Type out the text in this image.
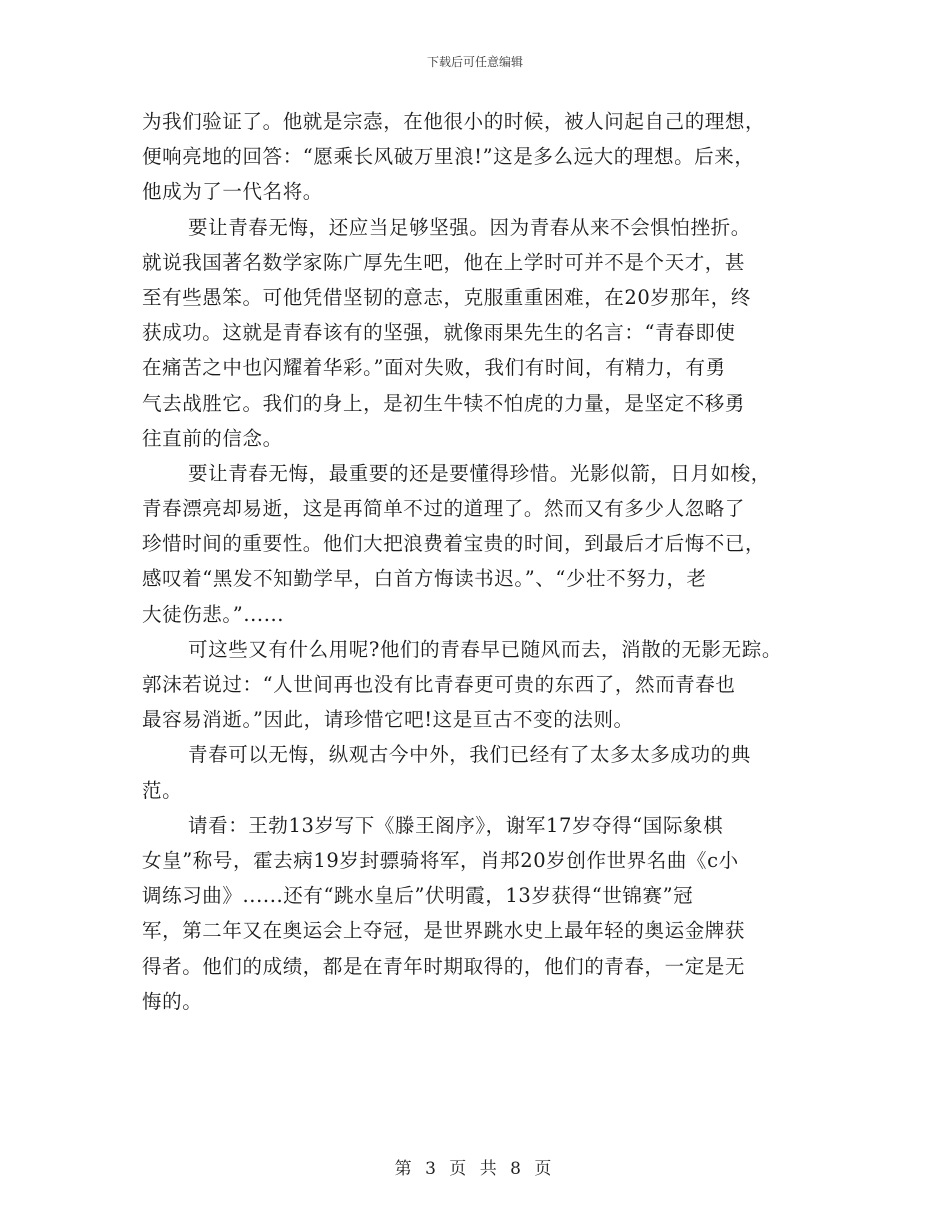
下载后可任意编辑
为我们验证了。他就是宗悫，在他很小的时候，被人问起自己的理想，
便响亮地的回答：“愿乘长风破万里浪!”这是多么远大的理想。后来，
他成为了一代名将。
要让青春无悔，还应当足够坚强。因为青春从来不会惧怕挫折。
就说我国著名数学家陈广厚先生吧，他在上学时可并不是个天才，甚
至有些愚笨。可他凭借坚韧的意志，克服重重困难，在20岁那年，终
获成功。这就是青春该有的坚强，就像雨果先生的名言：“青春即使
在痛苦之中也闪耀着华彩。”面对失败，我们有时间，有精力，有勇
气去战胜它。我们的身上，是初生牛犊不怕虎的力量，是坚定不移勇
往直前的信念。
要让青春无悔，最重要的还是要懂得珍惜。光影似箭，日月如梭，
青春漂亮却易逝，这是再简单不过的道理了。然而又有多少人忽略了
珍惜时间的重要性。他们大把浪费着宝贵的时间，到最后才后悔不已，
感叹着“黑发不知勤学早，白首方悔读书迟。”、“少壮不努力，老
大徒伤悲。”......
可这些又有什么用呢?他们的青春早已随风而去，消散的无影无踪。
郭沫若说过：“人世间再也没有比青春更可贵的东西了，然而青春也
最容易消逝。”因此，请珍惜它吧!这是亘古不变的法则。
青春可以无悔，纵观古今中外，我们已经有了太多太多成功的典
范。
请看：王勃13岁写下《滕王阁序》，谢军17岁夺得“国际象棋
女皇”称号，霍去病19岁封骠骑将军，肖邦20岁创作世界名曲《c小
调练习曲》......还有“跳水皇后”伏明霞，13岁获得“世锦赛”冠
军，第二年又在奥运会上夺冠，是世界跳水史上最年轻的奥运金牌获
得者。他们的成绩，都是在青年时期取得的，他们的青春，一定是无
悔的。
第 3 页 共 8 页
